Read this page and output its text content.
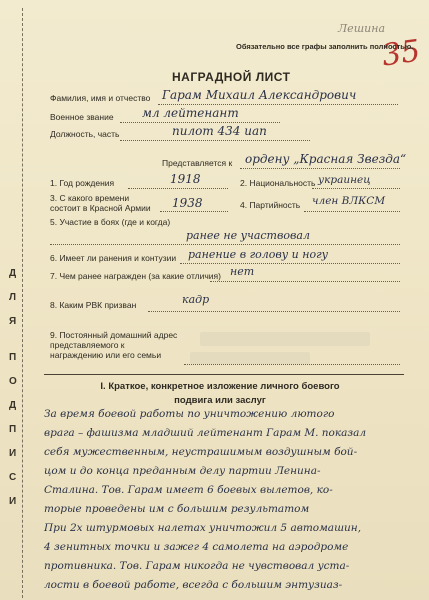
Лешина
35
Обязательно все графы заполнить полностью.
НАГРАДНОЙ ЛИСТ
Д
Л
Я
П
О
Д
П
И
С
И
Фамилия, имя и отчество Гарам Михаил Александрович
Военное звание мл лейтенант
Должность, часть	пилот 434 иап
Представляется к ордену „Красная Звезда“
1. Год рождения	1918	2. Национальность украинец
3. С какого времени состоит в Красной Армии	1938	4. Партийность член ВЛКСМ
5. Участие в боях (где и когда)
ранее не участвовал
6. Имеет ли ранения и контузии ранение в голову и ногу
7. Чем ранее награжден (за какие отличия) нет
8. Каким РВК призван	кадр
9. Постоянный домашний адрес представляемого к награждению или его семьи
I. Краткое, конкретное изложение личного боевого подвига или заслуг
За время боевой работы по уничтожению лютого
врага – фашизма младший лейтенант Гарам М. показал
себя мужественным, неустрашимым воздушным бой-
цом и до конца преданным делу партии Ленина-
Сталина. Тов. Гарам имеет 6 боевых вылетов, ко-
торые проведены им с большим результатом
При 2х штурмовых налетах уничтожил 5 автомашин,
4 зенитных точки и зажег 4 самолета на аэродроме
противника. Тов. Гарам никогда не чувствовал уста-
лости в боевой работе, всегда с большим энтузиаз-
